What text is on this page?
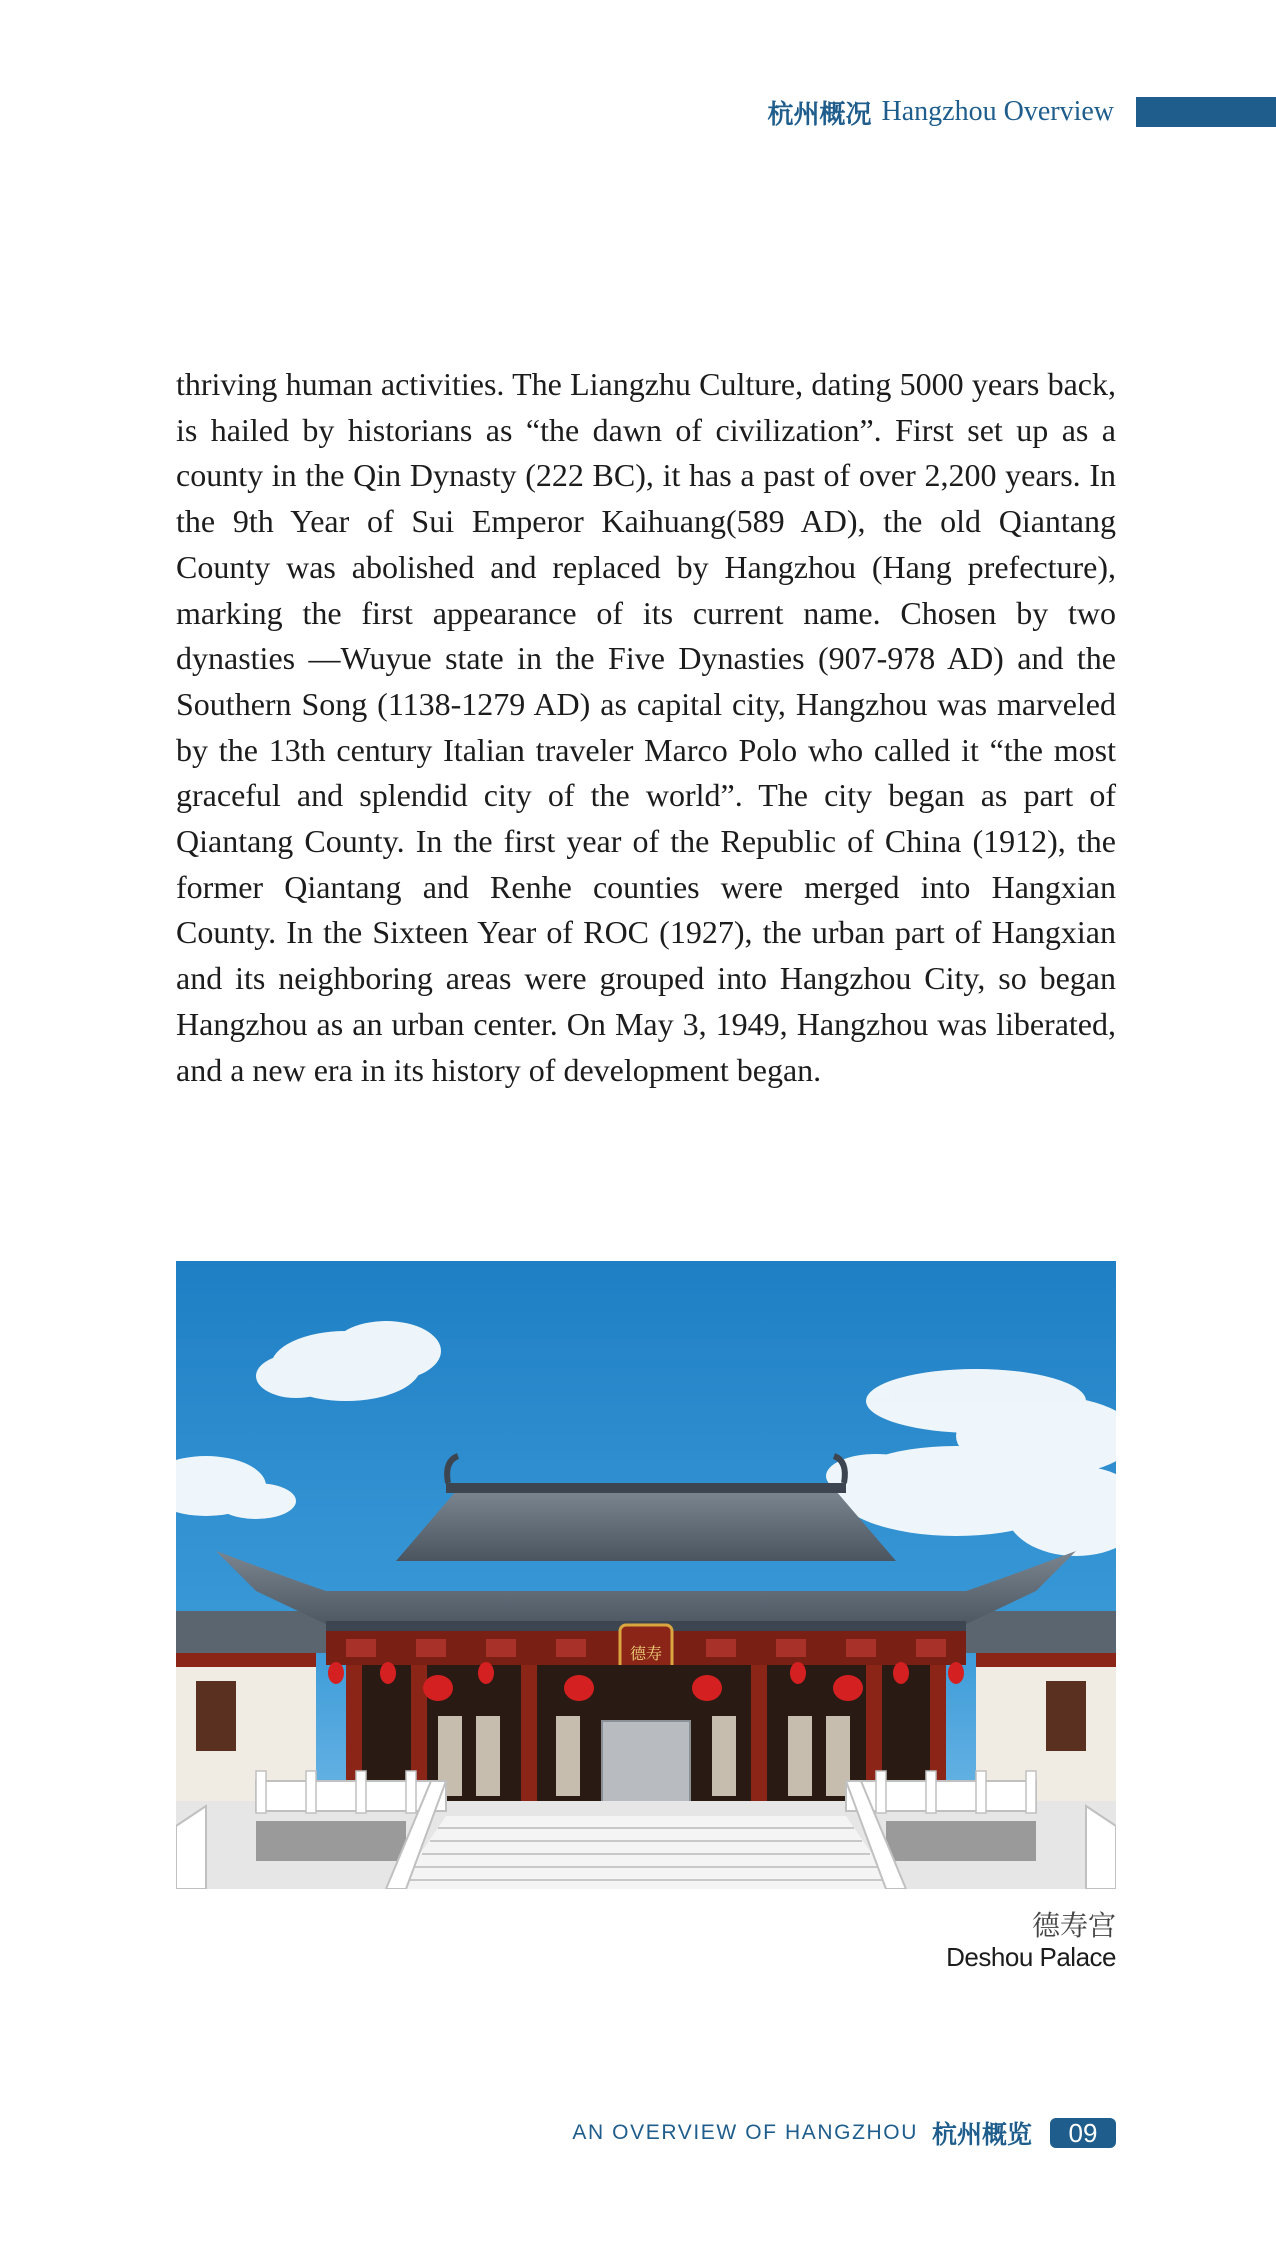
杭州概况 Hangzhou Overview

thriving human activities. The Liangzhu Culture, dating 5000 years back, is hailed by historians as “the dawn of civilization”. First set up as a county in the Qin Dynasty (222 BC), it has a past of over 2,200 years. In the 9th Year of Sui Emperor Kaihuang(589 AD), the old Qiantang County was abolished and replaced by Hangzhou (Hang prefecture), marking the first appearance of its current name. Chosen by two dynasties —Wuyue state in the Five Dynasties (907-978 AD) and the Southern Song (1138-1279 AD) as capital city, Hangzhou was marveled by the 13th century Italian traveler Marco Polo who called it “the most graceful and splendid city of the world”. The city began as part of Qiantang County. In the first year of the Republic of China (1912), the former Qiantang and Renhe counties were merged into Hangxian County. In the Sixteen Year of ROC (1927), the urban part of Hangxian and its neighboring areas were grouped into Hangzhou City, so began Hangzhou as an urban center. On May 3, 1949, Hangzhou was liberated, and a new era in its history of development began.

德寿
德寿宫
Deshou Palace
AN OVERVIEW OF HANGZHOU 杭州概览	09
